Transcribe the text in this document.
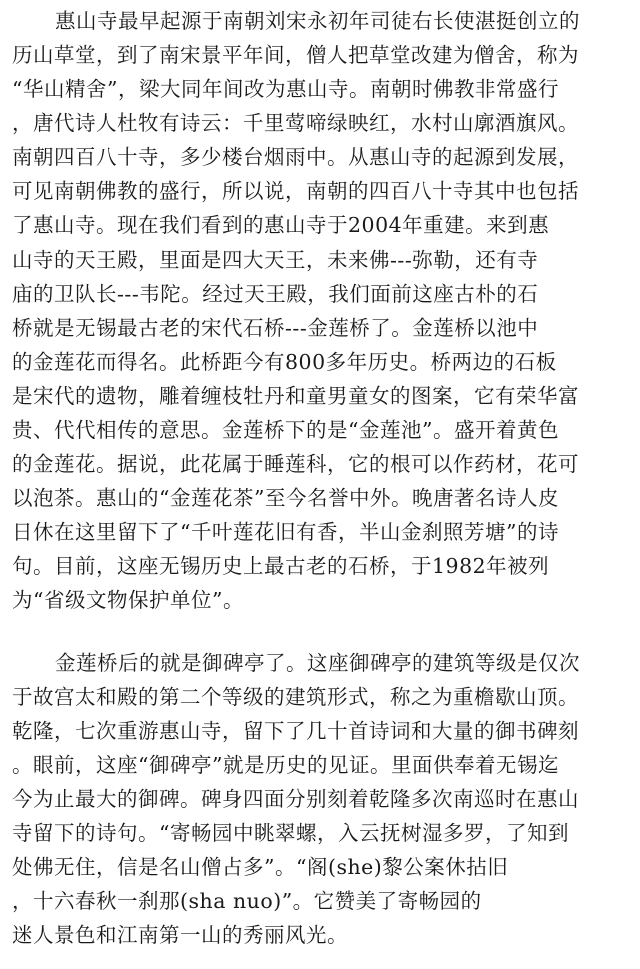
惠山寺最早起源于南朝刘宋永初年司徒右长使湛挺创立的
历山草堂，到了南宋景平年间，僧人把草堂改建为僧舍，称为
“华山精舍”，梁大同年间改为惠山寺。南朝时佛教非常盛行
，唐代诗人杜牧有诗云：千里莺啼绿映红，水村山廓酒旗风。
南朝四百八十寺，多少楼台烟雨中。从惠山寺的起源到发展，
可见南朝佛教的盛行，所以说，南朝的四百八十寺其中也包括
了惠山寺。现在我们看到的惠山寺于2004年重建。来到惠
山寺的天王殿，里面是四大天王，未来佛---弥勒，还有寺
庙的卫队长---韦陀。经过天王殿，我们面前这座古朴的石
桥就是无锡最古老的宋代石桥---金莲桥了。金莲桥以池中
的金莲花而得名。此桥距今有800多年历史。桥两边的石板
是宋代的遗物，雕着缠枝牡丹和童男童女的图案，它有荣华富
贵、代代相传的意思。金莲桥下的是“金莲池”。盛开着黄色
的金莲花。据说，此花属于睡莲科，它的根可以作药材，花可
以泡茶。惠山的“金莲花茶”至今名誉中外。晚唐著名诗人皮
日休在这里留下了“千叶莲花旧有香，半山金刹照芳塘”的诗
句。目前，这座无锡历史上最古老的石桥，于1982年被列
为“省级文物保护单位”。
金莲桥后的就是御碑亭了。这座御碑亭的建筑等级是仅次
于故宫太和殿的第二个等级的建筑形式，称之为重檐歇山顶。
乾隆，七次重游惠山寺，留下了几十首诗词和大量的御书碑刻
。眼前，这座“御碑亭”就是历史的见证。里面供奉着无锡迄
今为止最大的御碑。碑身四面分别刻着乾隆多次南巡时在惠山
寺留下的诗句。“寄畅园中眺翠螺，入云抚树湿多罗，了知到
处佛无住，信是名山僧占多”。“阁(she)黎公案休拈旧
，十六春秋一刹那(sha nuo)”。它赞美了寄畅园的
迷人景色和江南第一山的秀丽风光。
